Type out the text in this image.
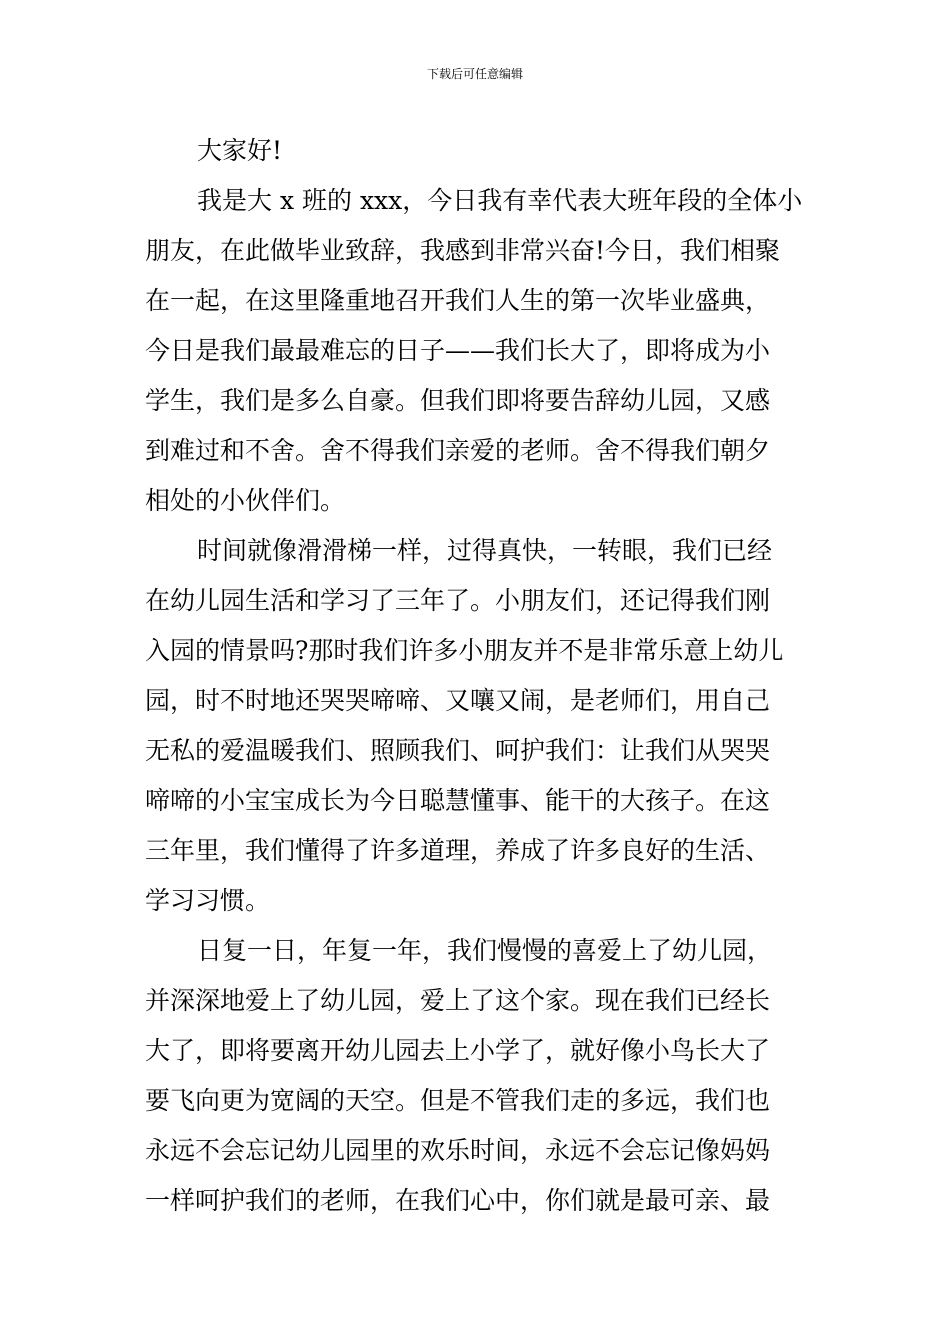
下载后可任意编辑
大家好!
我是大 x 班的 xxx，今日我有幸代表大班年段的全体小
朋友，在此做毕业致辞，我感到非常兴奋!今日，我们相聚
在一起，在这里隆重地召开我们人生的第一次毕业盛典，
今日是我们最最难忘的日子——我们长大了，即将成为小
学生，我们是多么自豪。但我们即将要告辞幼儿园，又感
到难过和不舍。舍不得我们亲爱的老师。舍不得我们朝夕
相处的小伙伴们。
时间就像滑滑梯一样，过得真快，一转眼，我们已经
在幼儿园生活和学习了三年了。小朋友们，还记得我们刚
入园的情景吗?那时我们许多小朋友并不是非常乐意上幼儿
园，时不时地还哭哭啼啼、又嚷又闹，是老师们，用自己
无私的爱温暖我们、照顾我们、呵护我们：让我们从哭哭
啼啼的小宝宝成长为今日聪慧懂事、能干的大孩子。在这
三年里，我们懂得了许多道理，养成了许多良好的生活、
学习习惯。
日复一日，年复一年，我们慢慢的喜爱上了幼儿园，
并深深地爱上了幼儿园，爱上了这个家。现在我们已经长
大了，即将要离开幼儿园去上小学了，就好像小鸟长大了
要飞向更为宽阔的天空。但是不管我们走的多远，我们也
永远不会忘记幼儿园里的欢乐时间，永远不会忘记像妈妈
一样呵护我们的老师，在我们心中，你们就是最可亲、最
